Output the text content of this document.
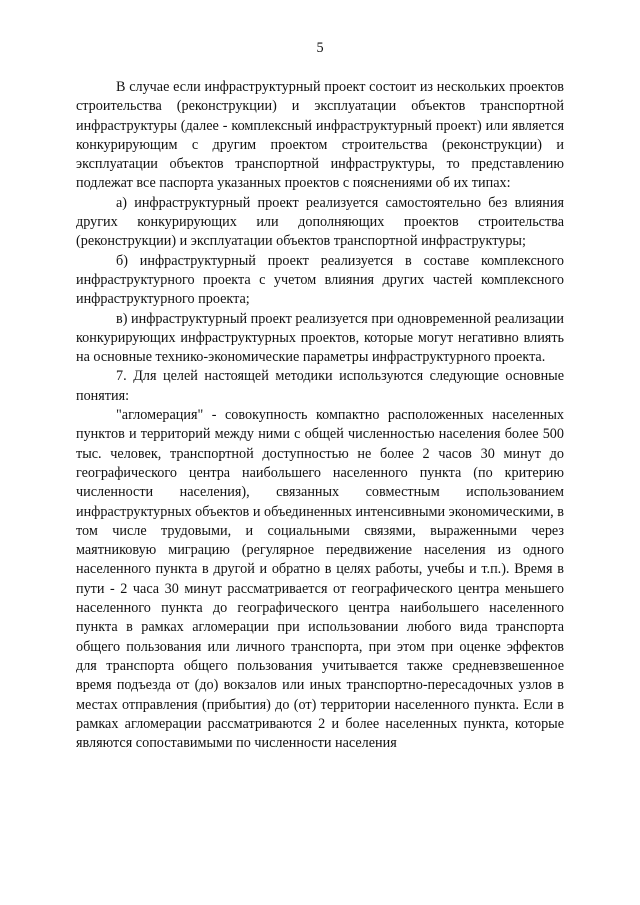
5

В случае если инфраструктурный проект состоит из нескольких проектов строительства (реконструкции) и эксплуатации объектов транспортной инфраструктуры (далее - комплексный инфраструктурный проект) или является конкурирующим с другим проектом строительства (реконструкции) и эксплуатации объектов транспортной инфраструктуры, то представлению подлежат все паспорта указанных проектов с пояснениями об их типах:

а) инфраструктурный проект реализуется самостоятельно без влияния других конкурирующих или дополняющих проектов строительства (реконструкции) и эксплуатации объектов транспортной инфраструктуры;

б) инфраструктурный проект реализуется в составе комплексного инфраструктурного проекта с учетом влияния других частей комплексного инфраструктурного проекта;

в) инфраструктурный проект реализуется при одновременной реализации конкурирующих инфраструктурных проектов, которые могут негативно влиять на основные технико-экономические параметры инфраструктурного проекта.

7. Для целей настоящей методики используются следующие основные понятия:

"агломерация" - совокупность компактно расположенных населенных пунктов и территорий между ними с общей численностью населения более 500 тыс. человек, транспортной доступностью не более 2 часов 30 минут до географического центра наибольшего населенного пункта (по критерию численности населения), связанных совместным использованием инфраструктурных объектов и объединенных интенсивными экономическими, в том числе трудовыми, и социальными связями, выраженными через маятниковую миграцию (регулярное передвижение населения из одного населенного пункта в другой и обратно в целях работы, учебы и т.п.). Время в пути - 2 часа 30 минут рассматривается от географического центра меньшего населенного пункта до географического центра наибольшего населенного пункта в рамках агломерации при использовании любого вида транспорта общего пользования или личного транспорта, при этом при оценке эффектов для транспорта общего пользования учитывается также средневзвешенное время подъезда от (до) вокзалов или иных транспортно-пересадочных узлов в местах отправления (прибытия) до (от) территории населенного пункта. Если в рамках агломерации рассматриваются 2 и более населенных пункта, которые являются сопоставимыми по численности населения
